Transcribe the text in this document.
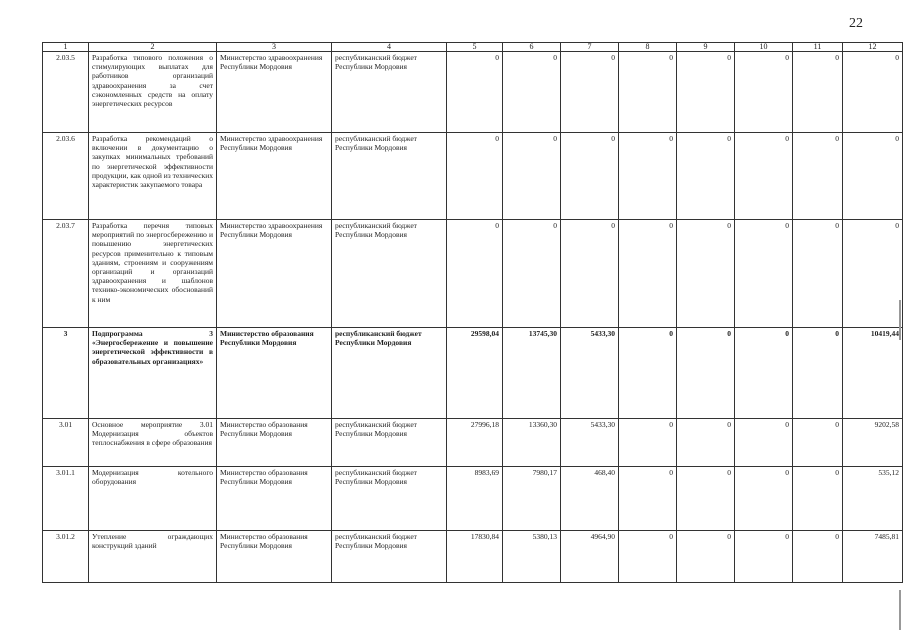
22
1	2	3	4	5	6	7	8	9	10	11	12
2.03.5	Разработка типового положения о стимулирующих выплатах для работников организаций здравоохранения за счет сэкономленных средств на оплату энергетических ресурсов	Министерство здравоохранения Республики Мордовия	республиканский бюджет Республики Мордовия	0	0	0	0	0	0	0	0
2.03.6	Разработка рекомендаций о включении в документацию о закупках минимальных требований по энергетической эффективности продукции, как одной из технических характеристик закупаемого товара	Министерство здравоохранения Республики Мордовия	республиканский бюджет Республики Мордовия	0	0	0	0	0	0	0	0
2.03.7	Разработка перечня типовых мероприятий по энергосбережению и повышению энергетических ресурсов применительно к типовым зданиям, строениям и сооружениям организаций и организаций здравоохранения и шаблонов технико-экономических обоснований к ним	Министерство здравоохранения Республики Мордовия	республиканский бюджет Республики Мордовия	0	0	0	0	0	0	0	0
3	Подпрограмма 3 «Энергосбережение и повышение энергетической эффективности в образовательных организациях»	Министерство образования Республики Мордовия	республиканский бюджет Республики Мордовия	29598,04	13745,30	5433,30	0	0	0	0	10419,44
3.01	Основное мероприятие 3.01 Модернизация объектов теплоснабжения в сфере образования	Министерство образования Республики Мордовия	республиканский бюджет Республики Мордовия	27996,18	13360,30	5433,30	0	0	0	0	9202,58
3.01.1	Модернизация котельного оборудования	Министерство образования Республики Мордовия	республиканский бюджет Республики Мордовия	8983,69	7980,17	468,40	0	0	0	0	535,12
3.01.2	Утепление ограждающих конструкций зданий	Министерство образования Республики Мордовия	республиканский бюджет Республики Мордовия	17830,84	5380,13	4964,90	0	0	0	0	7485,81
